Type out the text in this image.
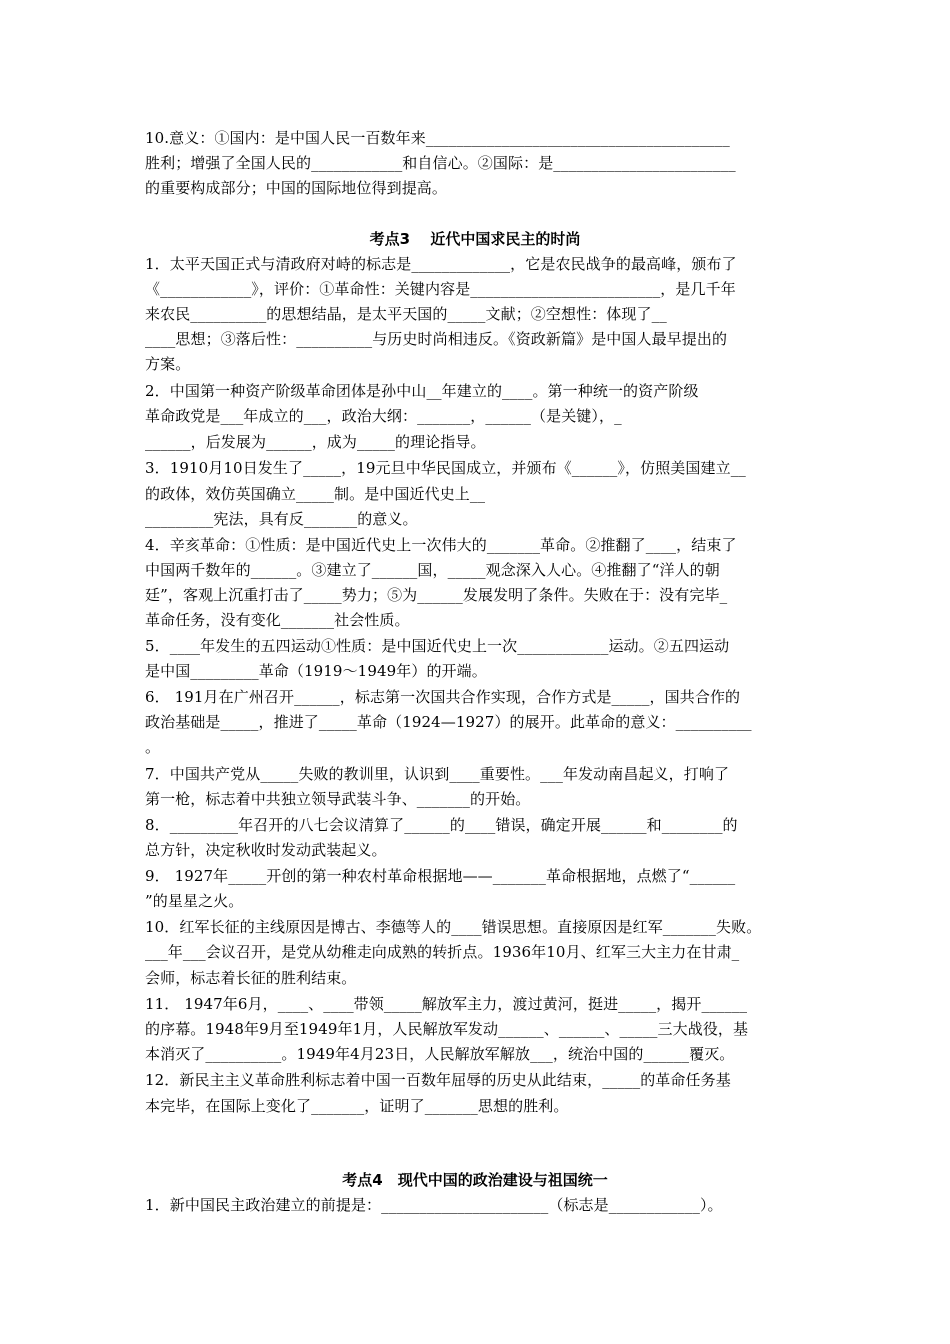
10.意义：①国内：是中国人民一百数年来________________________________________
胜利；增强了全国人民的____________和自信心。②国际：是________________________
的重要构成部分；中国的国际地位得到提高。
考点3　 近代中国求民主的时尚
1．太平天国正式与清政府对峙的标志是_____________，它是农民战争的最高峰，颁布了
《____________》，评价：①革命性：关键内容是_________________________，是几千年
来农民__________的思想结晶，是太平天国的_____文献；②空想性：体现了__
____思想；③落后性：__________与历史时尚相违反。《资政新篇》是中国人最早提出的
方案。
2．中国第一种资产阶级革命团体是孙中山__年建立的____。第一种统一的资产阶级
革命政党是___年成立的___，政治大纲：_______，______（是关键），_
______，后发展为______，成为_____的理论指导。
3．1910月10日发生了_____，19元旦中华民国成立，并颁布《______》，仿照美国建立__
的政体，效仿英国确立_____制。是中国近代史上__
_________宪法，具有反_______的意义。
4．辛亥革命：①性质：是中国近代史上一次伟大的_______革命。②推翻了____，结束了
中国两千数年的______。③建立了______国，_____观念深入人心。④推翻了“洋人的朝
廷”，客观上沉重打击了_____势力；⑤为______发展发明了条件。失败在于：没有完毕_
革命任务，没有变化_______社会性质。
5．____年发生的五四运动①性质：是中国近代史上一次____________运动。②五四运动
是中国_________革命（1919～1949年）的开端。
6． 191月在广州召开______，标志第一次国共合作实现，合作方式是_____，国共合作的
政治基础是_____，推进了_____革命（1924—1927）的展开。此革命的意义：__________
。
7．中国共产党从_____失败的教训里，认识到____重要性。___年发动南昌起义，打响了
第一枪，标志着中共独立领导武装斗争、_______的开始。
8．_________年召开的八七会议清算了______的____错误，确定开展______和________的
总方针，决定秋收时发动武装起义。
9． 1927年_____开创的第一种农村革命根据地——_______革命根据地，点燃了“______
”的星星之火。
10．红军长征的主线原因是博古、李德等人的____错误思想。直接原因是红军_______失败。
___年___会议召开，是党从幼稚走向成熟的转折点。1936年10月、红军三大主力在甘肃_
会师，标志着长征的胜利结束。
11． 1947年6月，____、____带领_____解放军主力，渡过黄河，挺进_____，揭开______
的序幕。1948年9月至1949年1月，人民解放军发动______、______、_____三大战役，基
本消灭了__________。1949年4月23日，人民解放军解放___，统治中国的______覆灭。
12．新民主主义革命胜利标志着中国一百数年屈辱的历史从此结束，_____的革命任务基
本完毕，在国际上变化了_______，证明了_______思想的胜利。
考点4　现代中国的政治建设与祖国统一
1．新中国民主政治建立的前提是：______________________（标志是____________）。
